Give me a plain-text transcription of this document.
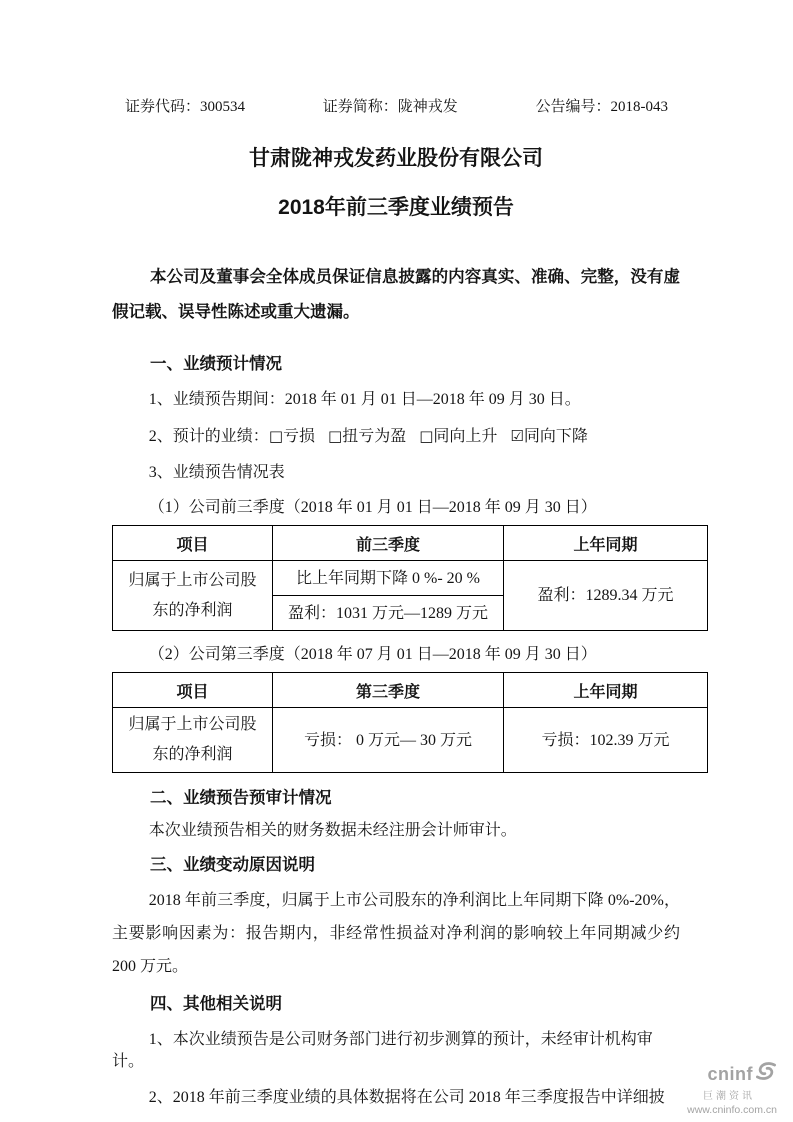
证券代码：300534	证券简称：陇神戎发	公告编号：2018-043
甘肃陇神戎发药业股份有限公司
2018年前三季度业绩预告
本公司及董事会全体成员保证信息披露的内容真实、准确、完整，没有虚假记载、误导性陈述或重大遗漏。
一、业绩预计情况
1、业绩预告期间：2018 年 01 月 01 日—2018 年 09 月 30 日。
2、预计的业绩：□亏损 □扭亏为盈 □同向上升 ☑同向下降
3、业绩预告情况表
（1）公司前三季度（2018 年 01 月 01 日—2018 年 09 月 30 日）
项目	前三季度	上年同期
归属于上市公司股东的净利润	比上年同期下降 0 %- 20 %	盈利：1289.34 万元
	盈利：1031 万元—1289 万元	
（2）公司第三季度（2018 年 07 月 01 日—2018 年 09 月 30 日）
项目	第三季度	上年同期
归属于上市公司股东的净利润	亏损： 0 万元— 30 万元	亏损：102.39 万元
二、业绩预告预审计情况
本次业绩预告相关的财务数据未经注册会计师审计。
三、业绩变动原因说明
2018 年前三季度，归属于上市公司股东的净利润比上年同期下降 0%-20%，主要影响因素为：报告期内，非经常性损益对净利润的影响较上年同期减少约 200 万元。
四、其他相关说明
1、本次业绩预告是公司财务部门进行初步测算的预计，未经审计机构审计。
2、2018 年前三季度业绩的具体数据将在公司 2018 年三季度报告中详细披
cninf
巨潮资讯
www.cninfo.com.cn
